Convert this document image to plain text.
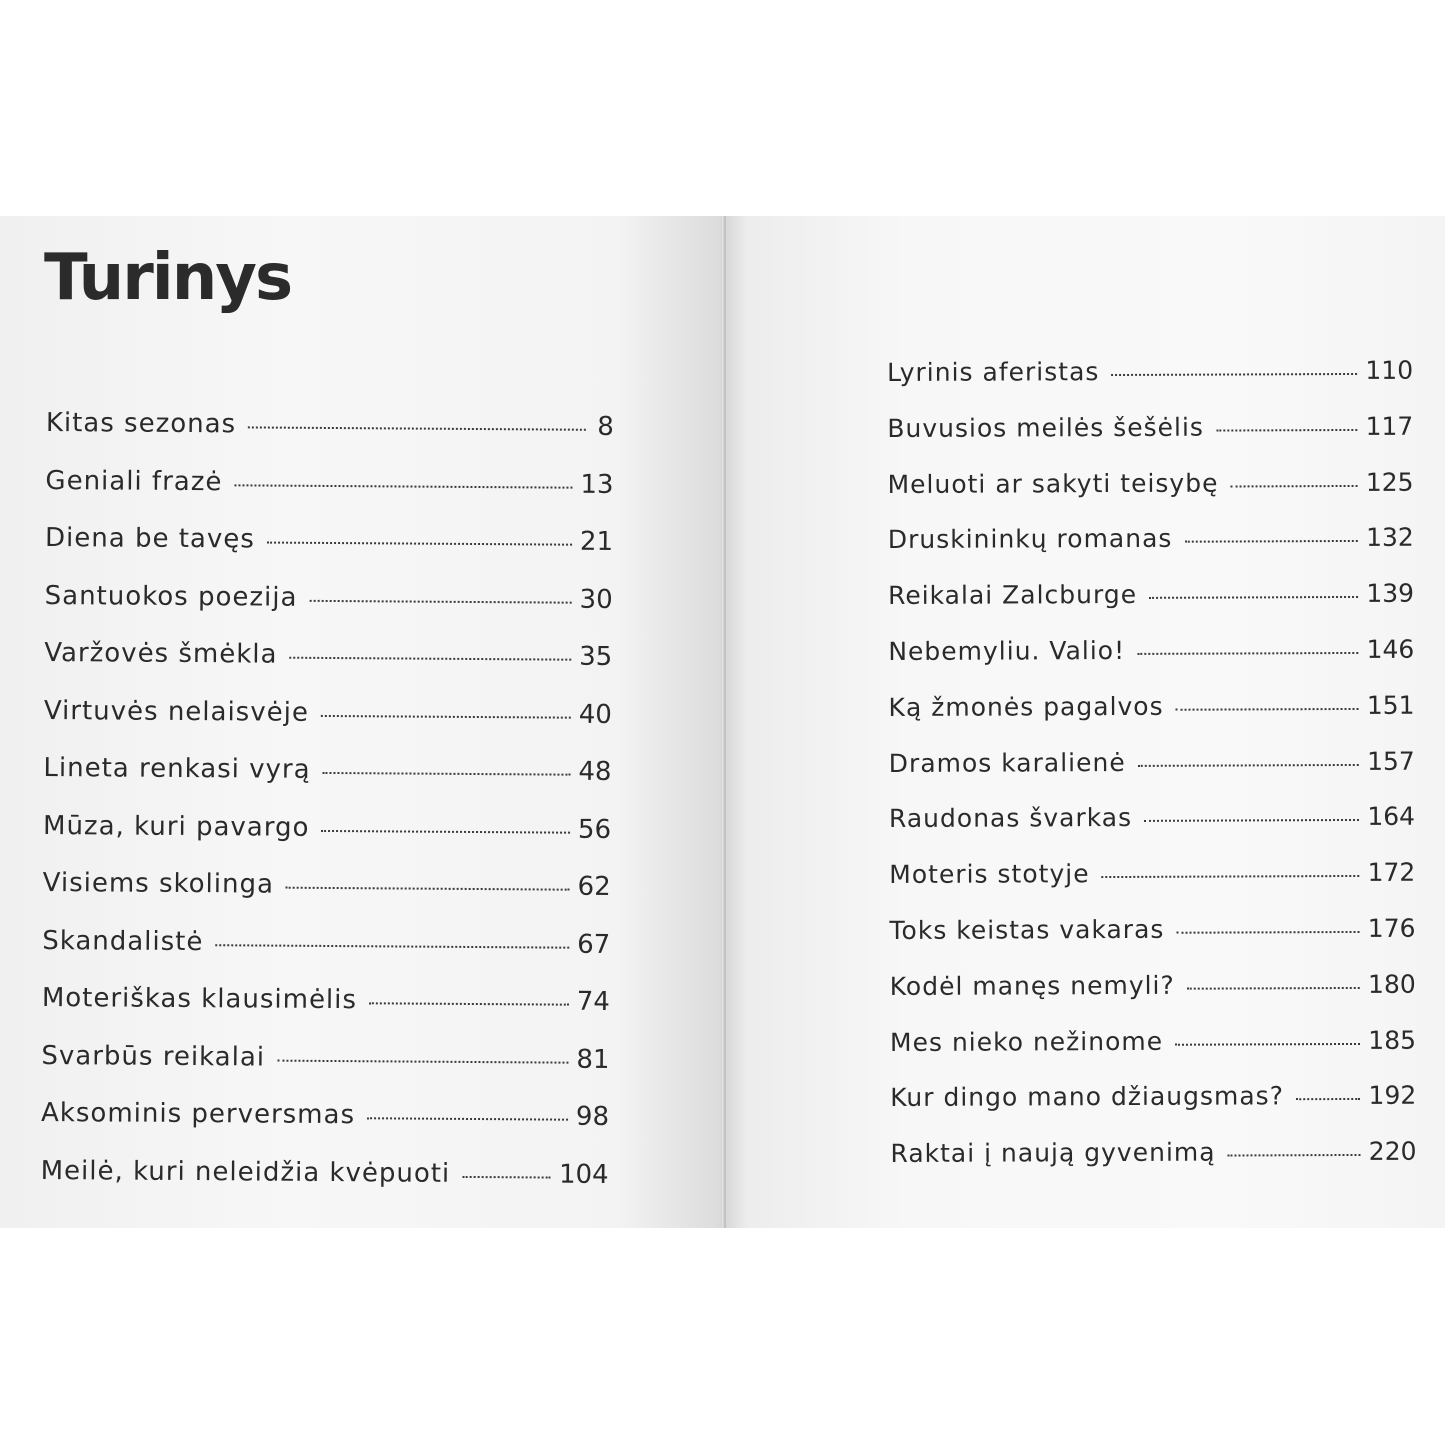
Turinys
Kitas sezonas	8
Geniali frazė	13
Diena be tavęs	21
Santuokos poezija	30
Varžovės šmėkla	35
Virtuvės nelaisvėje	40
Lineta renkasi vyrą	48
Mūza, kuri pavargo	56
Visiems skolinga	62
Skandalistė	67
Moteriškas klausimėlis	74
Svarbūs reikalai	81
Aksominis perversmas	98
Meilė, kuri neleidžia kvėpuoti	104
Lyrinis aferistas	110
Buvusios meilės šešėlis	117
Meluoti ar sakyti teisybę	125
Druskininkų romanas	132
Reikalai Zalcburge	139
Nebemyliu. Valio!	146
Ką žmonės pagalvos	151
Dramos karalienė	157
Raudonas švarkas	164
Moteris stotyje	172
Toks keistas vakaras	176
Kodėl manęs nemyli?	180
Mes nieko nežinome	185
Kur dingo mano džiaugsmas?	192
Raktai į naują gyvenimą	220
